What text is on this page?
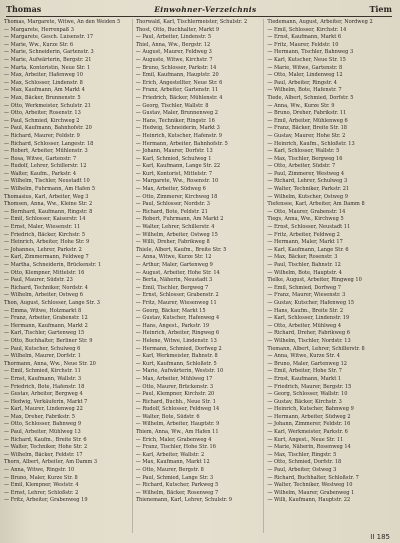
Thomas	Einwohner-Verzeichnis	Tiem
Thomas, Margarete, Witwe, An den Weiden 5
— Margarete, Herrenpaß 3
— Margarete, Gesch. Luisenstr. 17
— Marie, Ww., Kurze Str. 6
— Marie, Schneiderin, Gartenstr. 3
— Marie, Aufwärterin, Bergstr. 21
— Marta, Kontoristin, Neue Str. 1
— Max, Arbeiter, Hafenweg 10
— Max, Schlosser, Lindenstr. 8
— Max, Kaufmann, Am Markt 4
— Max, Bäcker, Brunnenstr. 5
— Otto, Werkmeister, Schulstr. 21
— Otto, Arbeiter, Rosenstr. 13
— Paul, Schmied, Kirchweg 2
— Paul, Kaufmann, Bahnhofstr. 20
— Richard, Maurer, Feldstr. 9
— Richard, Schlosser, Langestr. 18
— Robert, Arbeiter, Mühlenstr. 3
— Rosa, Witwe, Gartenstr. 7
— Rudolf, Lehrer, Schillerstr. 12
— Walter, Kaufm., Parkstr. 4
— Wilhelm, Tischler, Neustadt 10
— Wilhelm, Fuhrmann, Am Hafen 5
Thomasius, Karl, Arbeiter, Weg 3
Thomsen, Anna, Ww., Kleine Str. 2
— Bernhard, Kaufmann, Ringstr. 8
— Emil, Schlosser, Kaiserstr. 14
— Ernst, Maler, Wiesenstr. 11
— Friedrich, Bäcker, Kirchstr. 5
— Heinrich, Arbeiter, Hohe Str. 9
— Johannes, Lehrer, Parkstr. 2
— Karl, Zimmermann, Feldweg 7
— Martha, Schneiderin, Brückenstr. 1
— Otto, Klempner, Mittelstr. 16
— Paul, Maurer, Südstr. 23
— Richard, Techniker, Nordstr. 4
— Wilhelm, Arbeiter, Ostweg 6
Thon, August, Schlosser, Lange Str. 3
— Emma, Witwe, Holzmarkt 8
— Franz, Arbeiter, Grabenstr. 12
— Hermann, Kaufmann, Markt 2
— Karl, Tischler, Gartenweg 15
— Otto, Buchhalter, Berliner Str. 9
— Paul, Kutscher, Schulweg 6
— Wilhelm, Maurer, Dorfstr. 1
Thormann, Anna, Ww., Neue Str. 20
— Emil, Schmied, Kirchstr. 11
— Ernst, Kaufmann, Wallstr. 3
— Friedrich, Bote, Hafenstr. 18
— Gustav, Arbeiter, Bergweg 4
— Hedwig, Verkäuferin, Markt 7
— Karl, Maurer, Lindenweg 22
— Max, Dreher, Fabrikstr. 5
— Otto, Schlosser, Bahnweg 9
— Paul, Arbeiter, Mühlweg 13
— Richard, Kaufm., Breite Str. 6
— Walter, Techniker, Hohe Str. 2
— Wilhelm, Bäcker, Feldstr. 17
Thorn, Albert, Arbeiter, Am Damm 3
— Anna, Witwe, Ringstr. 10
— Bruno, Maler, Kurze Str. 8
— Emil, Klempner, Weststr. 4
— Ernst, Lehrer, Schloßstr. 2
— Fritz, Arbeiter, Grabenweg 19
Thorwald, Karl, Tischlermeister, Schulstr. 2
Thost, Otto, Buchhalter, Markt 9
— Paul, Arbeiter, Lindenstr. 5
Thiel, Anna, Ww., Bergstr. 12
— August, Maurer, Feldweg 3
— Auguste, Witwe, Kirchstr. 7
— Bruno, Schlosser, Parkstr. 14
— Emil, Kaufmann, Hauptstr. 20
— Erich, Angestellter, Neue Str. 6
— Franz, Arbeiter, Gartenstr. 11
— Friedrich, Bäcker, Mühlenstr. 4
— Georg, Tischler, Wallstr. 8
— Gustav, Maler, Brunnenweg 2
— Hans, Techniker, Ringstr. 16
— Hedwig, Schneiderin, Markt 3
— Heinrich, Kutscher, Hafenstr. 9
— Hermann, Arbeiter, Bahnhofstr. 5
— Johann, Maurer, Dorfstr. 13
— Karl, Schmied, Schulweg 1
— Karl, Kaufmann, Lange Str. 22
— Kurt, Kontorist, Mittelstr. 7
— Margarete, Ww., Rosenstr. 10
— Max, Arbeiter, Südweg 6
— Otto, Zimmerer, Kirchweg 18
— Paul, Schlosser, Nordstr. 3
— Richard, Bote, Feldstr. 21
— Robert, Fuhrmann, Am Markt 2
— Walter, Lehrer, Schillerstr. 4
— Wilhelm, Arbeiter, Ostweg 15
— Willi, Dreher, Fabrikweg 8
Thiele, Albert, Kaufm., Breite Str. 5
— Anna, Witwe, Kurze Str. 12
— Arthur, Maler, Gartenweg 9
— August, Arbeiter, Hohe Str. 14
— Berta, Näherin, Neustadt 3
— Emil, Tischler, Bergweg 7
— Ernst, Schlosser, Grabenstr. 2
— Fritz, Maurer, Wiesenweg 11
— Georg, Bäcker, Markt 15
— Gustav, Kutscher, Hafenweg 4
— Hans, Angest., Parkstr. 19
— Heinrich, Arbeiter, Ringweg 6
— Helene, Witwe, Lindenstr. 13
— Hermann, Schmied, Dorfweg 2
— Karl, Werkmeister, Bahnstr. 8
— Kurt, Kaufmann, Schloßstr. 5
— Marie, Aufwärterin, Weststr. 10
— Max, Arbeiter, Mühlweg 17
— Otto, Maurer, Brückenstr. 3
— Paul, Klempner, Kirchstr. 20
— Richard, Buchh., Neue Str. 1
— Rudolf, Schlosser, Feldweg 14
— Walter, Bote, Südstr. 6
— Wilhelm, Arbeiter, Hauptstr. 9
Thiem, Anna, Ww., Am Hafen 11
— Erich, Maler, Grabenweg 4
— Franz, Tischler, Hohe Str. 16
— Karl, Arbeiter, Wallstr. 2
— Max, Kaufmann, Markt 12
— Otto, Maurer, Bergstr. 8
— Paul, Schmied, Lange Str. 3
— Richard, Kutscher, Parkweg 5
— Wilhelm, Bäcker, Rosenweg 7
Thienemann, Karl, Lehrer, Schulstr. 9
Tiedemann, August, Arbeiter, Nordweg 2
— Emil, Schlosser, Kirchstr. 14
— Ernst, Kaufmann, Markt 6
— Fritz, Maurer, Feldstr. 10
— Hermann, Tischler, Bahnweg 3
— Karl, Kutscher, Neue Str. 15
— Marie, Witwe, Gartenstr. 8
— Otto, Maler, Lindenweg 12
— Paul, Arbeiter, Ringstr. 4
— Wilhelm, Bote, Hafenstr. 7
Tiede, Albert, Schmied, Dorfstr. 5
— Anna, Ww., Kurze Str. 9
— Bruno, Dreher, Fabrikstr. 11
— Emil, Arbeiter, Mühlenweg 6
— Franz, Bäcker, Breite Str. 18
— Gustav, Maurer, Hohe Str. 2
— Heinrich, Kaufm., Schloßstr. 13
— Karl, Schlosser, Wallstr. 5
— Max, Tischler, Bergweg 16
— Otto, Arbeiter, Südstr. 7
— Paul, Zimmerer, Westweg 4
— Richard, Lehrer, Schulweg 3
— Walter, Techniker, Parkstr. 21
— Wilhelm, Kutscher, Ostweg 9
Tiefensee, Karl, Arbeiter, Am Damm 8
— Otto, Maurer, Grabenstr. 14
Tiegs, Anna, Ww., Kirchweg 5
— Ernst, Schlosser, Neustadt 11
— Fritz, Arbeiter, Feldweg 2
— Hermann, Maler, Markt 17
— Karl, Kaufmann, Lange Str. 6
— Max, Bäcker, Rosenstr. 3
— Paul, Tischler, Bahnstr. 12
— Wilhelm, Bote, Hauptstr. 4
Tielke, August, Arbeiter, Ringweg 10
— Emil, Schmied, Dorfweg 7
— Franz, Maurer, Wiesenstr. 3
— Gustav, Kutscher, Hafenweg 15
— Hans, Kaufm., Breite Str. 2
— Karl, Schlosser, Lindenstr. 19
— Otto, Arbeiter, Mühlweg 4
— Richard, Dreher, Fabrikweg 6
— Wilhelm, Tischler, Nordstr. 13
Tiemann, Albert, Lehrer, Schillerstr. 8
— Anna, Witwe, Kurze Str. 4
— Bruno, Maler, Gartenweg 12
— Emil, Arbeiter, Hohe Str. 7
— Ernst, Kaufmann, Markt 1
— Friedrich, Maurer, Bergstr. 15
— Georg, Schlosser, Wallstr. 10
— Gustav, Bäcker, Kirchstr. 3
— Heinrich, Kutscher, Bahnweg 9
— Hermann, Arbeiter, Südweg 2
— Johann, Zimmerer, Feldstr. 16
— Karl, Werkmeister, Parkstr. 6
— Kurt, Angest., Neue Str. 11
— Marie, Näherin, Rosenweg 14
— Max, Tischler, Ringstr. 5
— Otto, Schmied, Dorfstr. 18
— Paul, Arbeiter, Ostweg 3
— Richard, Buchhalter, Schloßstr. 7
— Walter, Techniker, Westweg 10
— Wilhelm, Maurer, Grabenweg 1
— Willi, Kaufmann, Hauptstr. 22
II 185
